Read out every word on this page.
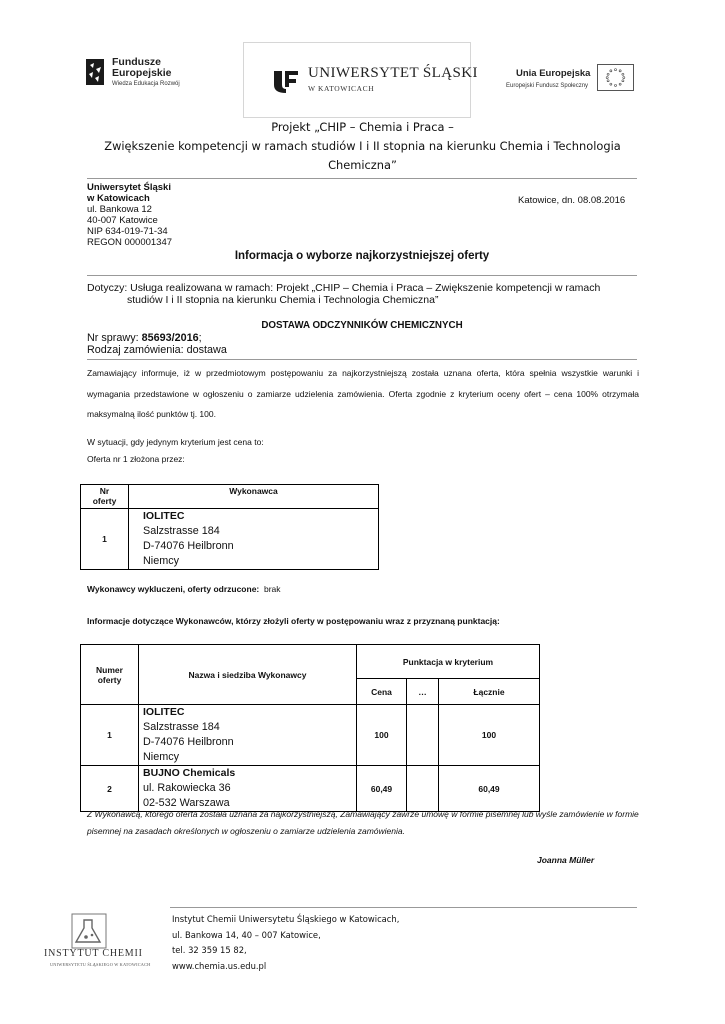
Fundusze
Europejskie
Wiedza Edukacja Rozwój
UNIWERSYTET ŚLĄSKI
W KATOWICACH
Unia Europejska
Europejski Fundusz Społeczny
Projekt „CHIP – Chemia i Praca –
Zwiększenie kompetencji w ramach studiów I i II stopnia na kierunku Chemia i Technologia
Chemiczna”
Uniwersytet Śląski
w Katowicach
ul. Bankowa 12
40-007 Katowice
NIP 634-019-71-34
REGON 000001347
Katowice, dn. 08.08.2016
Informacja o wyborze najkorzystniejszej oferty
Dotyczy: Usługa realizowana w ramach: Projekt „CHIP – Chemia i Praca – Zwiększenie kompetencji w ramach
studiów I i II stopnia na kierunku Chemia i Technologia Chemiczna”
DOSTAWA ODCZYNNIKÓW CHEMICZNYCH
Nr sprawy: 85693/2016;
Rodzaj zamówienia: dostawa
Zamawiający informuje, iż w przedmiotowym postępowaniu za najkorzystniejszą została uznana oferta, która spełnia wszystkie warunki i wymagania przedstawione w ogłoszeniu o zamiarze udzielenia zamówienia. Oferta zgodnie z kryterium oceny ofert – cena 100% otrzymała maksymalną ilość punktów tj. 100.
W sytuacji, gdy jedynym kryterium jest cena to:
Oferta nr 1 złożona przez:
Nr
oferty	Wykonawca
1	IOLITEC
Salzstrasse 184
D-74076 Heilbronn
Niemcy
Wykonawcy wykluczeni, oferty odrzucone: brak
Informacje dotyczące Wykonawców, którzy złożyli oferty w postępowaniu wraz z przyznaną punktacją:
Numer
oferty	Nazwa i siedziba Wykonawcy	Punktacja w kryterium		
		Cena	…	Łącznie
1	IOLITEC
Salzstrasse 184
D-74076 Heilbronn
Niemcy	100		100
2	BUJNO Chemicals
ul. Rakowiecka 36
02-532 Warszawa	60,49		60,49
Z Wykonawcą, którego oferta została uznana za najkorzystniejszą, Zamawiający zawrze umowę w formie pisemnej lub wyśle zamówienie w formie pisemnej na zasadach określonych w ogłoszeniu o zamiarze udzielenia zamówienia.
Joanna Müller
INSTYTUT CHEMII
UNIWERSYTETU ŚLĄSKIEGO W KATOWICACH
Instytut Chemii Uniwersytetu Śląskiego w Katowicach,
ul. Bankowa 14, 40 – 007 Katowice,
tel. 32 359 15 82,
www.chemia.us.edu.pl
